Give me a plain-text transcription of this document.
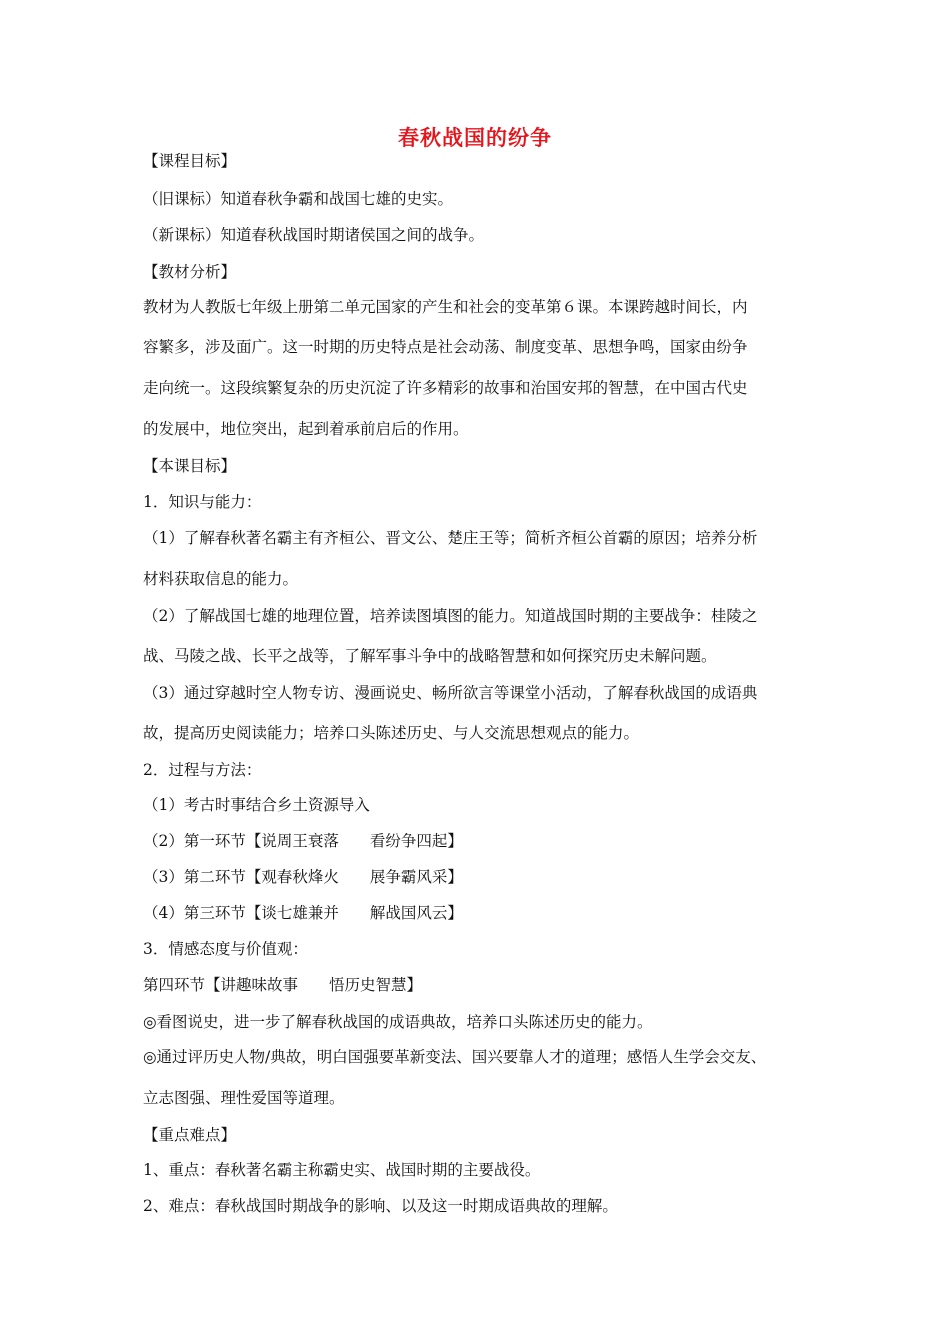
春秋战国的纷争
【课程目标】
（旧课标）知道春秋争霸和战国七雄的史实。
（新课标）知道春秋战国时期诸侯国之间的战争。
【教材分析】
教材为人教版七年级上册第二单元国家的产生和社会的变革第６课。本课跨越时间长，内
容繁多，涉及面广。这一时期的历史特点是社会动荡、制度变革、思想争鸣，国家由纷争
走向统一。这段缤繁复杂的历史沉淀了许多精彩的故事和治国安邦的智慧，在中国古代史
的发展中，地位突出，起到着承前启后的作用。
【本课目标】
1．知识与能力：
（1）了解春秋著名霸主有齐桓公、晋文公、楚庄王等；简析齐桓公首霸的原因；培养分析
材料获取信息的能力。
（2）了解战国七雄的地理位置，培养读图填图的能力。知道战国时期的主要战争：桂陵之
战、马陵之战、长平之战等，了解军事斗争中的战略智慧和如何探究历史未解问题。
（3）通过穿越时空人物专访、漫画说史、畅所欲言等课堂小活动，了解春秋战国的成语典
故，提高历史阅读能力；培养口头陈述历史、与人交流思想观点的能力。
2．过程与方法：
（1）考古时事结合乡土资源导入
（2）第一环节【说周王衰落　　看纷争四起】
（3）第二环节【观春秋烽火　　展争霸风采】
（4）第三环节【谈七雄兼并　　解战国风云】
3．情感态度与价值观：
第四环节【讲趣味故事　　悟历史智慧】
◎看图说史，进一步了解春秋战国的成语典故，培养口头陈述历史的能力。
◎通过评历史人物/典故，明白国强要革新变法、国兴要靠人才的道理；感悟人生学会交友、
立志图强、理性爱国等道理。
【重点难点】
1、重点：春秋著名霸主称霸史实、战国时期的主要战役。
2、难点：春秋战国时期战争的影响、以及这一时期成语典故的理解。
